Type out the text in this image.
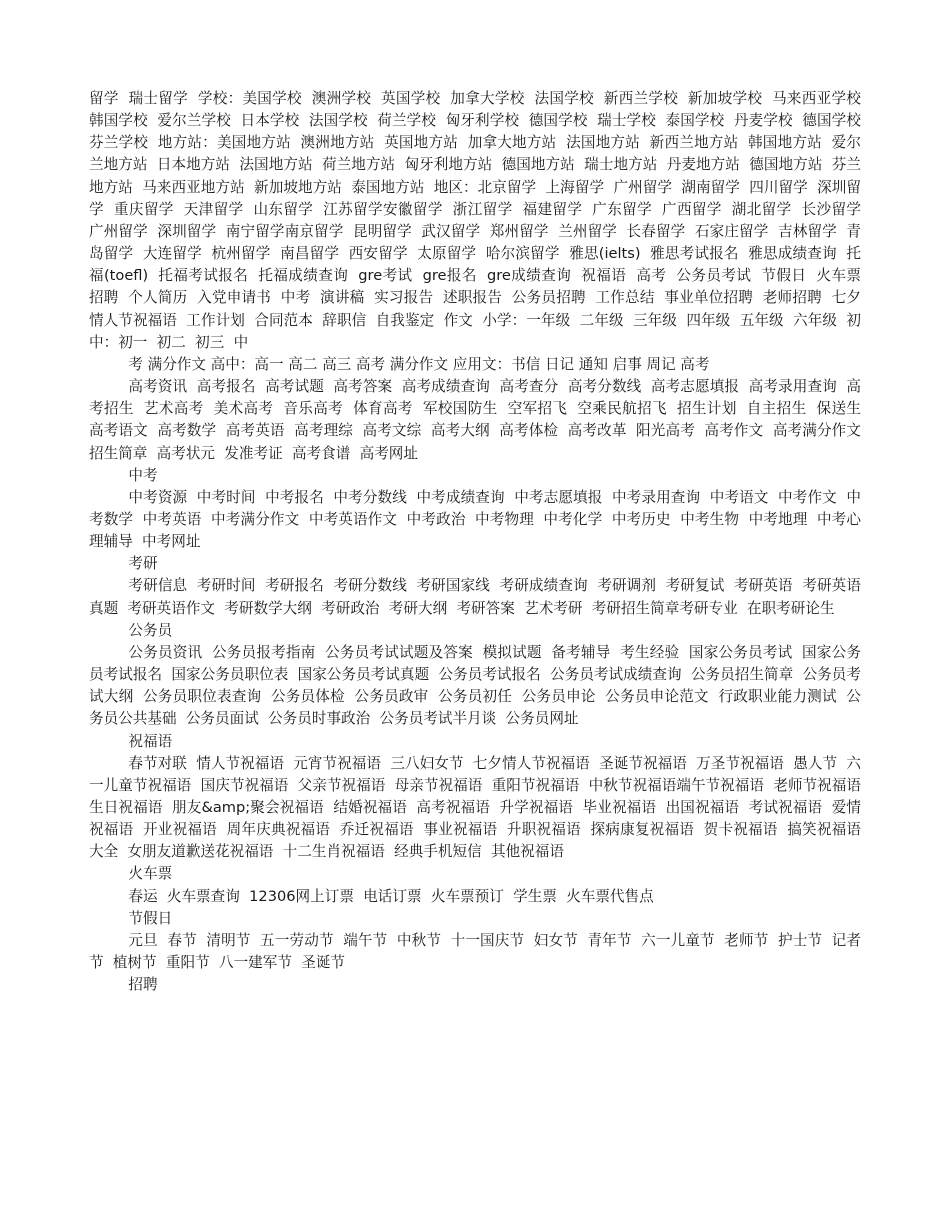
留学  瑞士留学  学校：美国学校  澳洲学校  英国学校  加拿大学校  法国学校  新西兰学校  新加坡学校  马来西亚学校  韩国学校  爱尔兰学校  日本学校  法国学校  荷兰学校  匈牙利学校  德国学校  瑞士学校  泰国学校  丹麦学校  德国学校  芬兰学校  地方站：美国地方站  澳洲地方站  英国地方站  加拿大地方站  法国地方站  新西兰地方站  韩国地方站  爱尔兰地方站  日本地方站  法国地方站  荷兰地方站  匈牙利地方站  德国地方站  瑞士地方站  丹麦地方站  德国地方站  芬兰地方站  马来西亚地方站  新加坡地方站  泰国地方站  地区：北京留学  上海留学  广州留学  湖南留学  四川留学  深圳留学  重庆留学  天津留学  山东留学  江苏留学安徽留学  浙江留学  福建留学  广东留学  广西留学  湖北留学  长沙留学  广州留学  深圳留学  南宁留学南京留学  昆明留学  武汉留学  郑州留学  兰州留学  长春留学  石家庄留学  吉林留学  青岛留学  大连留学  杭州留学  南昌留学  西安留学  太原留学  哈尔滨留学  雅思(ielts)  雅思考试报名  雅思成绩查询  托福(toefl)  托福考试报名  托福成绩查询  gre考试  gre报名  gre成绩查询  祝福语  高考  公务员考试  节假日  火车票  招聘  个人简历  入党申请书  中考  演讲稿  实习报告  述职报告  公务员招聘  工作总结  事业单位招聘  老师招聘  七夕情人节祝福语  工作计划  合同范本  辞职信  自我鉴定  作文  小学：一年级  二年级  三年级  四年级  五年级  六年级  初中：初一  初二  初三  中

考 满分作文 高中：高一 高二 高三 高考 满分作文 应用文：书信 日记 通知 启事 周记 高考

高考资讯  高考报名  高考试题  高考答案  高考成绩查询  高考查分  高考分数线  高考志愿填报  高考录用查询  高考招生  艺术高考  美术高考  音乐高考  体育高考  军校国防生  空军招飞  空乘民航招飞  招生计划  自主招生  保送生  高考语文  高考数学  高考英语  高考理综  高考文综  高考大纲  高考体检  高考改革  阳光高考  高考作文  高考满分作文  招生简章  高考状元  发准考证  高考食谱  高考网址

中考

中考资源  中考时间  中考报名  中考分数线  中考成绩查询  中考志愿填报  中考录用查询  中考语文  中考作文  中考数学  中考英语  中考满分作文  中考英语作文  中考政治  中考物理  中考化学  中考历史  中考生物  中考地理  中考心理辅导  中考网址

考研

考研信息  考研时间  考研报名  考研分数线  考研国家线  考研成绩查询  考研调剂  考研复试  考研英语  考研英语真题  考研英语作文  考研数学大纲  考研政治  考研大纲  考研答案  艺术考研  考研招生简章考研专业  在职考研论生

公务员

公务员资讯  公务员报考指南  公务员考试试题及答案  模拟试题  备考辅导  考生经验  国家公务员考试  国家公务员考试报名  国家公务员职位表  国家公务员考试真题  公务员考试报名  公务员考试成绩查询  公务员招生简章  公务员考试大纲  公务员职位表查询  公务员体检  公务员政审  公务员初任  公务员申论  公务员申论范文  行政职业能力测试  公务员公共基础  公务员面试  公务员时事政治  公务员考试半月谈  公务员网址

祝福语

春节对联  情人节祝福语  元宵节祝福语  三八妇女节  七夕情人节祝福语  圣诞节祝福语  万圣节祝福语  愚人节  六一儿童节祝福语  国庆节祝福语  父亲节祝福语  母亲节祝福语  重阳节祝福语  中秋节祝福语端午节祝福语  老师节祝福语  生日祝福语  朋友&amp;聚会祝福语  结婚祝福语  高考祝福语  升学祝福语  毕业祝福语  出国祝福语  考试祝福语  爱情祝福语  开业祝福语  周年庆典祝福语  乔迁祝福语  事业祝福语  升职祝福语  探病康复祝福语  贺卡祝福语  搞笑祝福语大全  女朋友道歉送花祝福语  十二生肖祝福语  经典手机短信  其他祝福语

火车票

春运  火车票查询  12306网上订票  电话订票  火车票预订  学生票  火车票代售点

节假日

元旦  春节  清明节  五一劳动节  端午节  中秋节  十一国庆节  妇女节  青年节  六一儿童节  老师节  护士节  记者节  植树节  重阳节  八一建军节  圣诞节

招聘
